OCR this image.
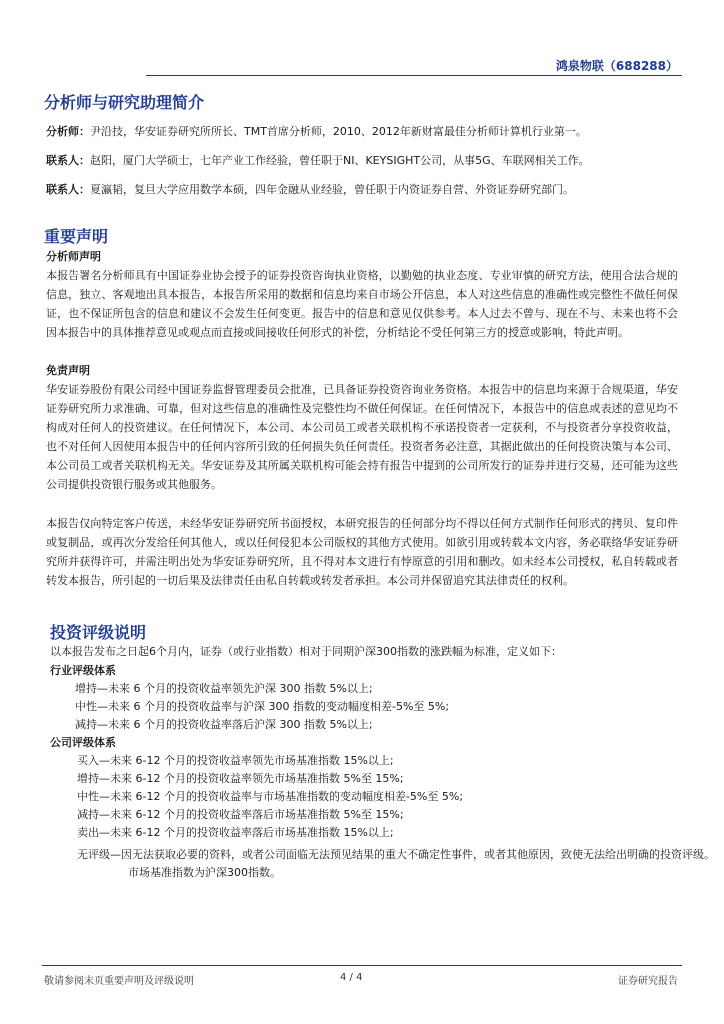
鸿泉物联（688288）
分析师与研究助理简介
分析师：尹沿技，华安证券研究所所长、TMT首席分析师，2010、2012年新财富最佳分析师计算机行业第一。
联系人：赵阳，厦门大学硕士，七年产业工作经验，曾任职于NI、KEYSIGHT公司，从事5G、车联网相关工作。
联系人：夏瀛韬，复旦大学应用数学本硕，四年金融从业经验，曾任职于内资证券自营、外资证券研究部门。
重要声明
分析师声明
本报告署名分析师具有中国证券业协会授予的证券投资咨询执业资格，以勤勉的执业态度、专业审慎的研究方法，使用合法合规的信息，独立、客观地出具本报告，本报告所采用的数据和信息均来自市场公开信息，本人对这些信息的准确性或完整性不做任何保证，也不保证所包含的信息和建议不会发生任何变更。报告中的信息和意见仅供参考。本人过去不曾与、现在不与、未来也将不会因本报告中的具体推荐意见或观点而直接或间接收任何形式的补偿，分析结论不受任何第三方的授意或影响，特此声明。
免责声明
华安证券股份有限公司经中国证券监督管理委员会批准，已具备证券投资咨询业务资格。本报告中的信息均来源于合规渠道，华安证券研究所力求准确、可靠，但对这些信息的准确性及完整性均不做任何保证。在任何情况下，本报告中的信息或表述的意见均不构成对任何人的投资建议。在任何情况下，本公司、本公司员工或者关联机构不承诺投资者一定获利，不与投资者分享投资收益，也不对任何人因使用本报告中的任何内容所引致的任何损失负任何责任。投资者务必注意，其据此做出的任何投资决策与本公司、本公司员工或者关联机构无关。华安证券及其所属关联机构可能会持有报告中提到的公司所发行的证券并进行交易，还可能为这些公司提供投资银行服务或其他服务。
本报告仅向特定客户传送，未经华安证券研究所书面授权，本研究报告的任何部分均不得以任何方式制作任何形式的拷贝、复印件或复制品，或再次分发给任何其他人，或以任何侵犯本公司版权的其他方式使用。如欲引用或转载本文内容，务必联络华安证券研究所并获得许可，并需注明出处为华安证券研究所，且不得对本文进行有悖原意的引用和删改。如未经本公司授权，私自转载或者转发本报告，所引起的一切后果及法律责任由私自转载或转发者承担。本公司并保留追究其法律责任的权利。
投资评级说明
以本报告发布之日起6个月内，证券（或行业指数）相对于同期沪深300指数的涨跌幅为标准，定义如下：
行业评级体系
增持—未来 6 个月的投资收益率领先沪深 300 指数 5%以上;
中性—未来 6 个月的投资收益率与沪深 300 指数的变动幅度相差-5%至 5%;
减持—未来 6 个月的投资收益率落后沪深 300 指数 5%以上;
公司评级体系
买入—未来 6-12 个月的投资收益率领先市场基准指数 15%以上;
增持—未来 6-12 个月的投资收益率领先市场基准指数 5%至 15%;
中性—未来 6-12 个月的投资收益率与市场基准指数的变动幅度相差-5%至 5%;
减持—未来 6-12 个月的投资收益率落后市场基准指数 5%至 15%;
卖出—未来 6-12 个月的投资收益率落后市场基准指数 15%以上;
无评级—因无法获取必要的资料，或者公司面临无法预见结果的重大不确定性事件，或者其他原因，致使无法给出明确的投资评级。 市场基准指数为沪深300指数。
敬请参阅末页重要声明及评级说明	4 / 4	证券研究报告
